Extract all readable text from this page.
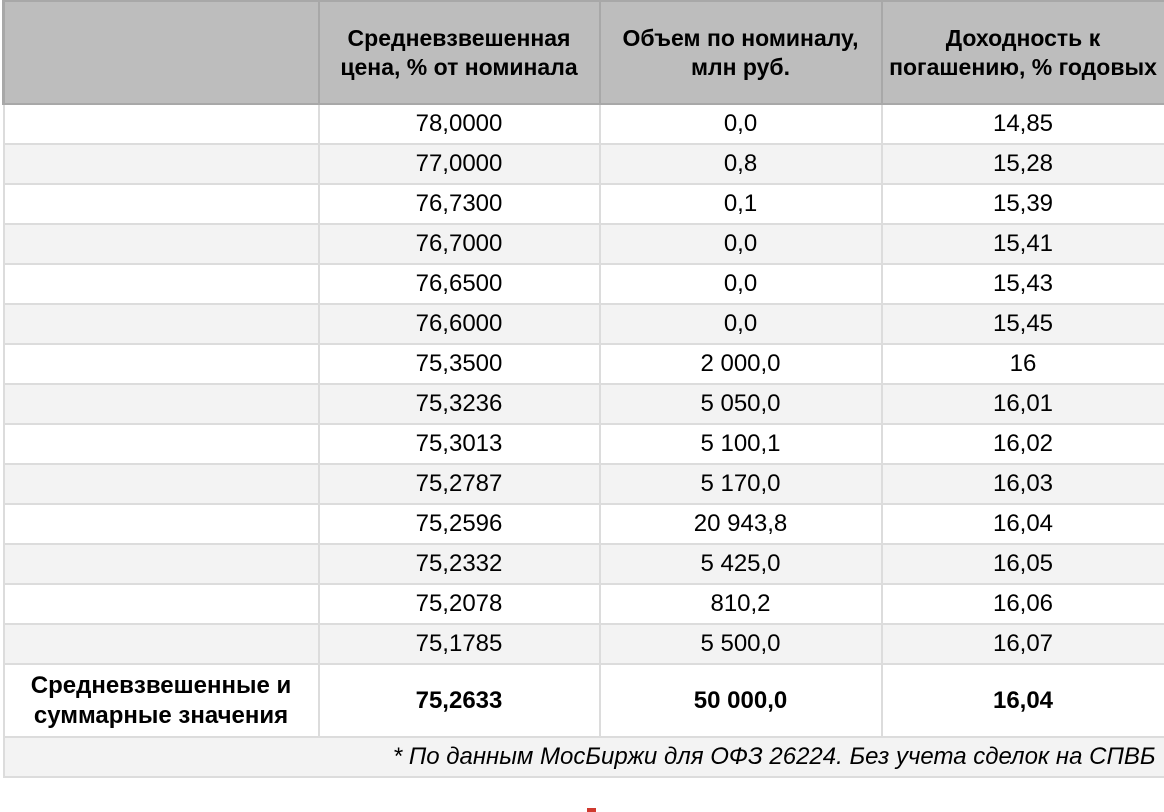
	Средневзвешенная цена, % от номинала	Объем по номиналу, млн руб.	Доходность к погашению, % годовых
	78,0000	0,0	14,85
	77,0000	0,8	15,28
	76,7300	0,1	15,39
	76,7000	0,0	15,41
	76,6500	0,0	15,43
	76,6000	0,0	15,45
	75,3500	2 000,0	16
	75,3236	5 050,0	16,01
	75,3013	5 100,1	16,02
	75,2787	5 170,0	16,03
	75,2596	20 943,8	16,04
	75,2332	5 425,0	16,05
	75,2078	810,2	16,06
	75,1785	5 500,0	16,07
Средневзвешенные и суммарные значения	75,2633	50 000,0	16,04
* По данным МосБиржи для ОФЗ 26224. Без учета сделок на СПВБ			
